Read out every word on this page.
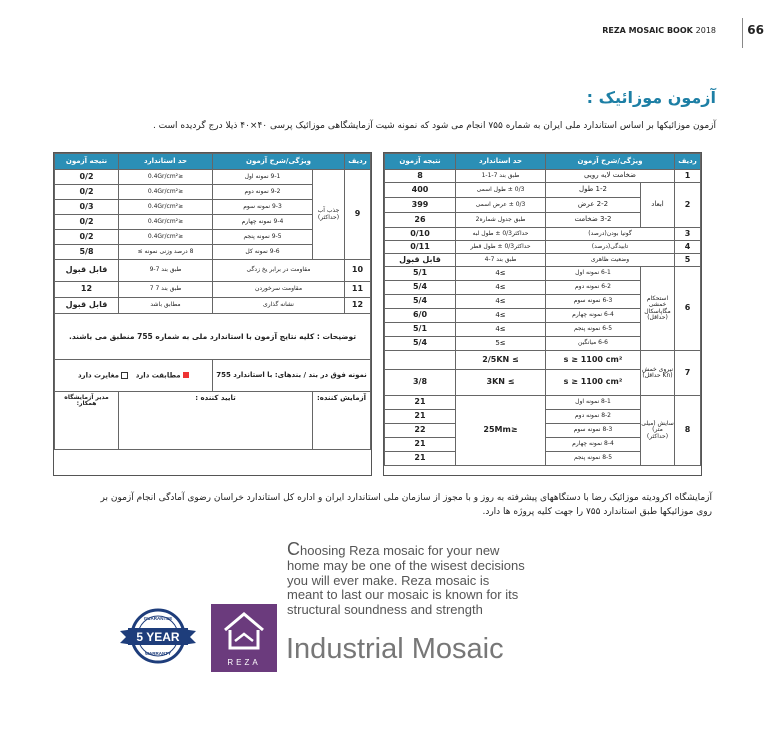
REZA MOSAIC BOOK 2018	66
آزمون موزائیک :
آزمون موزائیکها بر اساس استاندارد ملی ایران به شماره ۷۵۵ انجام می شود که نمونه شیت آزمایشگاهی موزائیک پرسی ۴۰×۴۰ ذیلا درج گردیده است .
ردیف	ویژگی/شرح آزمون		حد استاندارد	نتیجه آزمون
1	ضخامت لایه رویی		طبق بند 7-1-1	8
2	ابعاد	1-2 طول	0/3 ± طول اسمی	400
		2-2 عرض	0/3 ± عرض اسمی	399
		3-2 ضخامت	طبق جدول شماره2	26
3	گونیا بودن(درصد)		حداکثر0/3 ± طول لبه	0/10
4	تابیدگی(درصد)		حداکثر0/3 ± طول قطر	0/11
5	وضعیت ظاهری		طبق بند 7-4	قابل قبول
6	استحکام خمشی مگاپاسکال (حداقل)	6-1 نمونه اول	≥4	5/1
		6-2 نمونه دوم	≥4	5/4
		6-3 نمونه سوم	≥4	5/4
		6-4 نمونه چهارم	≥4	6/0
		6-5 نمونه پنجم	≥4	5/1
		6-6 میانگین	≥5	5/4
7	نیروی خمش (Kn حداقل)	s ≥ 1100 cm²	≥ 2/5KN	
		s ≥ 1100 cm²	≥ 3KN	3/8
8	سایش (میلی متر) (حداکثر)	8-1 نمونه اول	≤25Mm	21
		8-2 نمونه دوم		21
		8-3 نمونه سوم		22
		8-4 نمونه چهارم		21
		8-5 نمونه پنجم		21
ردیف	ویژگی/شرح آزمون		حد استاندارد	نتیجه آزمون
9	جذب آب (حداکثر)	9-1 نمونه اول	≤0.4Gr/cm²	0/2
		9-2 نمونه دوم	≤0.4Gr/cm²	0/2
		9-3 نمونه سوم	≤0.4Gr/cm²	0/3
		9-4 نمونه چهارم	≤0.4Gr/cm²	0/2
		9-5 نمونه پنجم	≤0.4Gr/cm²	0/2
		9-6 نمونه کل	8 درصد وزنی نمونه ≥	5/8
10	مقاومت در برابر یخ زدگی		طبق بند 7-9	قابل قبول
11	مقاومت سرخوردن		طبق بند 7 7	12
12	نشانه گذاری		مطابق باشد	قابل قبول
توضیحات : کلیه نتایج آزمون با استاندارد ملی به شماره 755 منطبق می باشند.				
نمونه فوق در بند / بندهای: با استاندارد 755			مطابقت دارد    مغایرت دارد	
آزمایش کننده:		تایید کننده :		مدیر آزمایشگاه همکار:
آزمایشگاه اکرودیته موزائیک رضا با دستگاههای پیشرفته به روز و با مجوز از سازمان ملی استاندارد ایران و اداره کل استاندارد خراسان رضوی آمادگی انجام آزمون بر روی موزائیکها طبق استاندارد ۷۵۵ را جهت کلیه پروژه ها دارد.
5 YEAR
GUARANTEE
WARRANTY
REZA
Choosing Reza mosaic for your new home may be one of the wisest decisions you will ever make. Reza mosaic is meant to last our mosaic is known for its structural soundness and strength
Industrial Mosaic
